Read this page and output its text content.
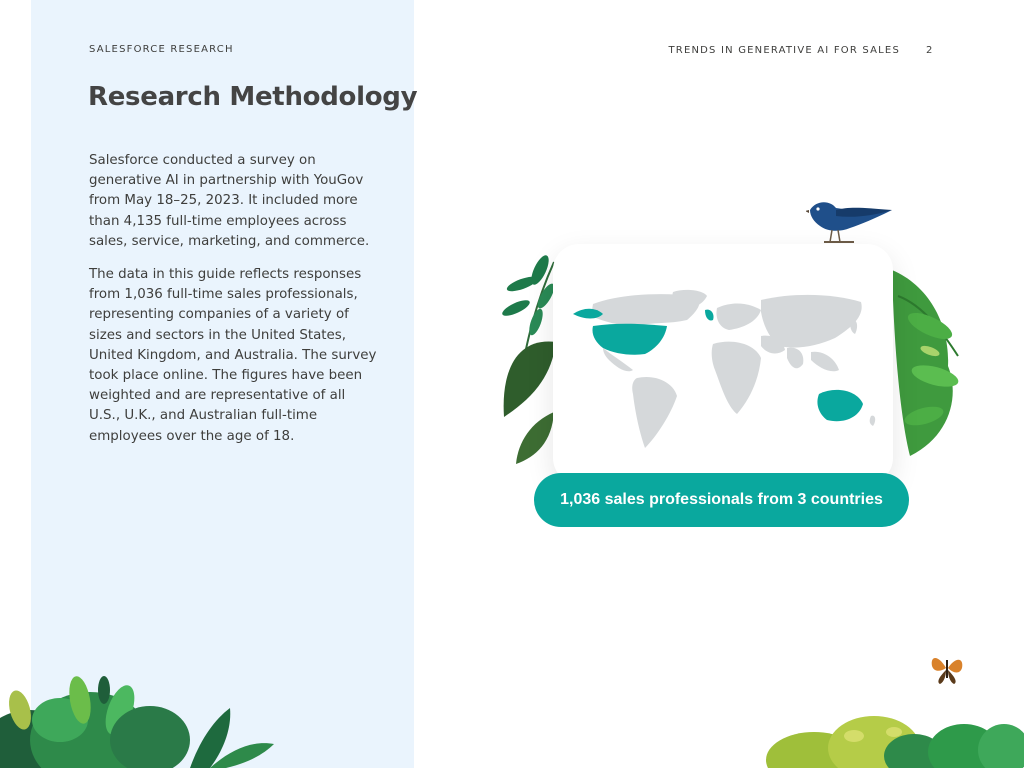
SALESFORCE RESEARCH	TRENDS IN GENERATIVE AI FOR SALES	2
Research Methodology

Salesforce conducted a survey on generative AI in partnership with YouGov from May 18–25, 2023. It included more than 4,135 full-time employees across sales, service, marketing, and commerce.

The data in this guide reflects responses from 1,036 full-time sales professionals, representing companies of a variety of sizes and sectors in the United States, United Kingdom, and Australia. The survey took place online. The figures have been weighted and are representative of all U.S., U.K., and Australian full-time employees over the age of 18.

1,036 sales professionals from 3 countries
